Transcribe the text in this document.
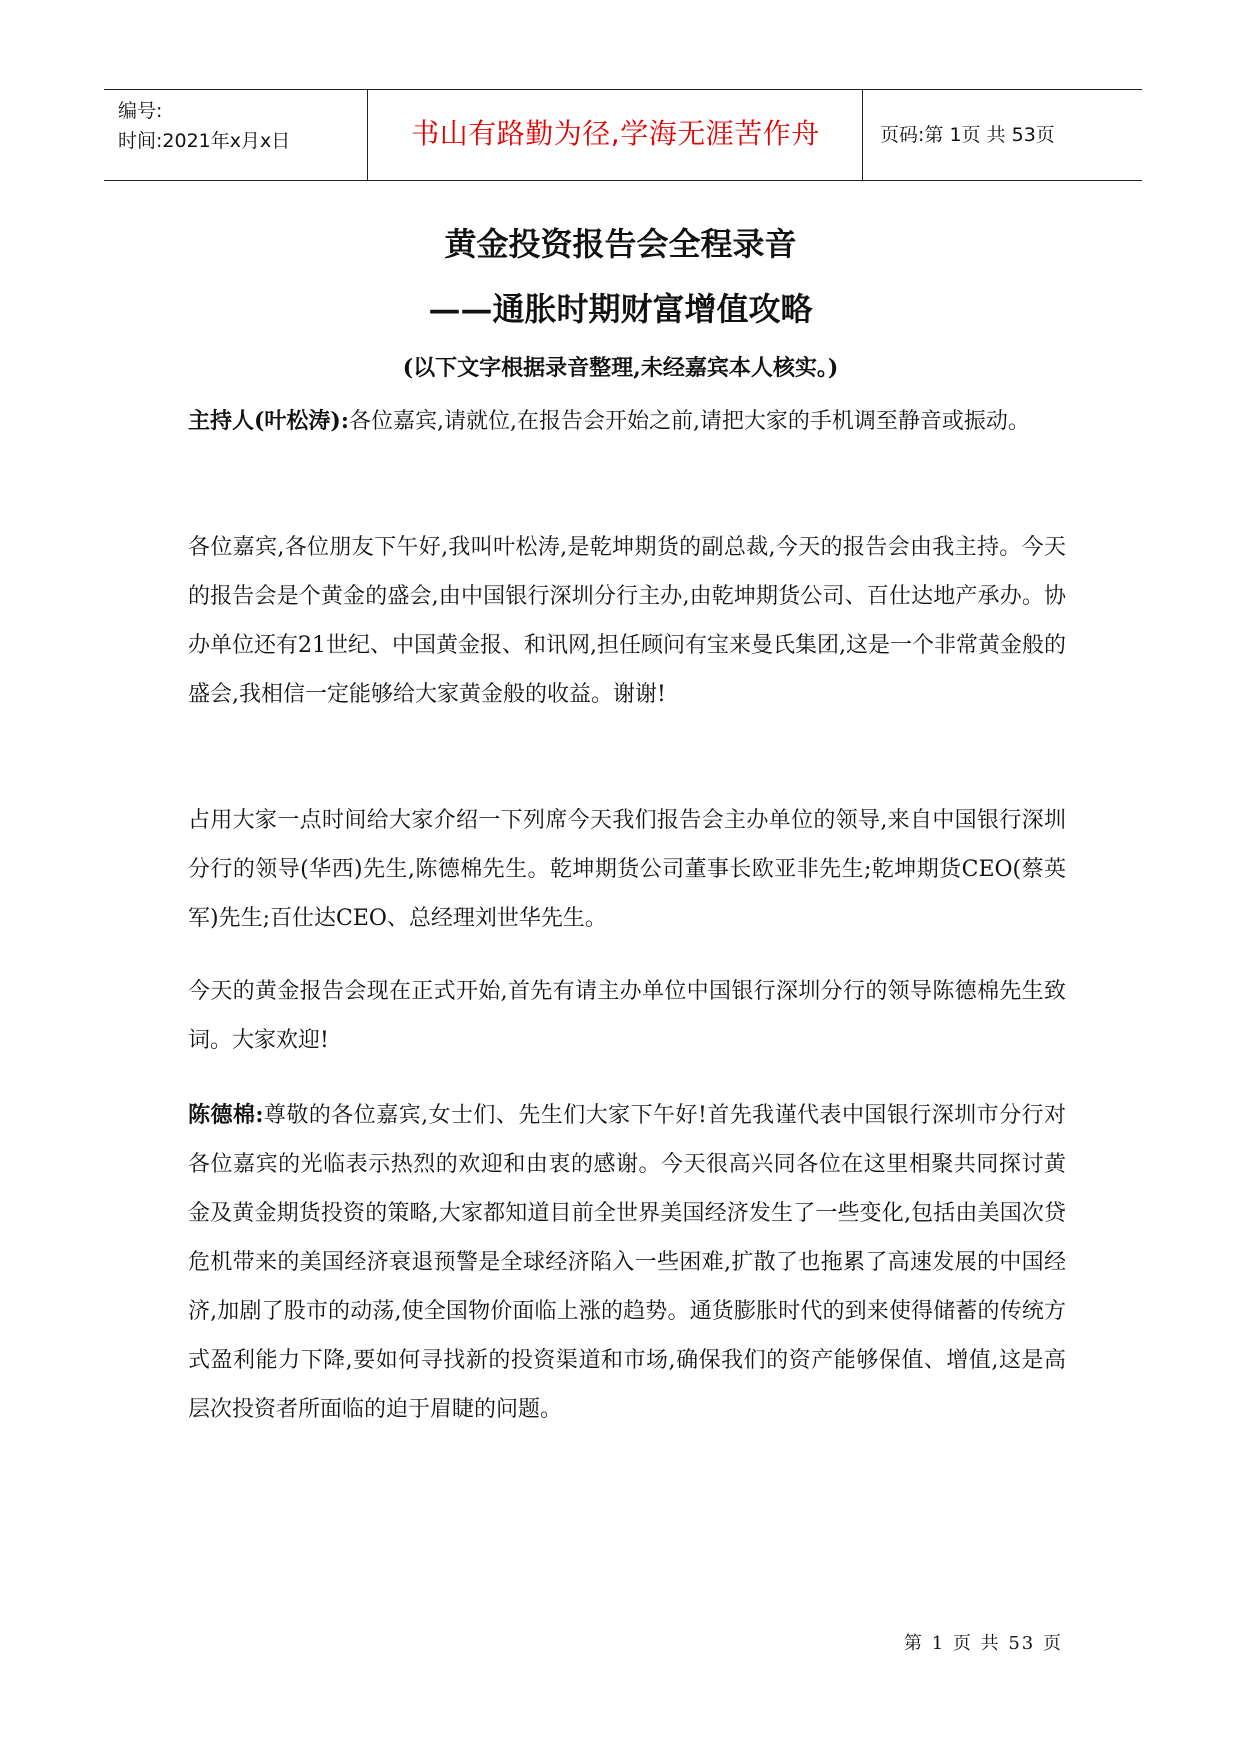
编号:
时间:2021年x月x日	书山有路勤为径,学海无涯苦作舟	页码:第 1页 共 53页
黄金投资报告会全程录音
——通胀时期财富增值攻略
(以下文字根据录音整理,未经嘉宾本人核实。)
主持人(叶松涛):各位嘉宾,请就位,在报告会开始之前,请把大家的手机调至静音或振动。
各位嘉宾,各位朋友下午好,我叫叶松涛,是乾坤期货的副总裁,今天的报告会由我主持。今天的报告会是个黄金的盛会,由中国银行深圳分行主办,由乾坤期货公司、百仕达地产承办。协办单位还有21世纪、中国黄金报、和讯网,担任顾问有宝来曼氏集团,这是一个非常黄金般的盛会,我相信一定能够给大家黄金般的收益。谢谢!
占用大家一点时间给大家介绍一下列席今天我们报告会主办单位的领导,来自中国银行深圳分行的领导(华西)先生,陈德棉先生。乾坤期货公司董事长欧亚非先生;乾坤期货CEO(蔡英军)先生;百仕达CEO、总经理刘世华先生。
今天的黄金报告会现在正式开始,首先有请主办单位中国银行深圳分行的领导陈德棉先生致词。大家欢迎!
陈德棉:尊敬的各位嘉宾,女士们、先生们大家下午好!首先我谨代表中国银行深圳市分行对各位嘉宾的光临表示热烈的欢迎和由衷的感谢。今天很高兴同各位在这里相聚共同探讨黄金及黄金期货投资的策略,大家都知道目前全世界美国经济发生了一些变化,包括由美国次贷危机带来的美国经济衰退预警是全球经济陷入一些困难,扩散了也拖累了高速发展的中国经济,加剧了股市的动荡,使全国物价面临上涨的趋势。通货膨胀时代的到来使得储蓄的传统方式盈利能力下降,要如何寻找新的投资渠道和市场,确保我们的资产能够保值、增值,这是高层次投资者所面临的迫于眉睫的问题。
第 1 页 共 53 页
